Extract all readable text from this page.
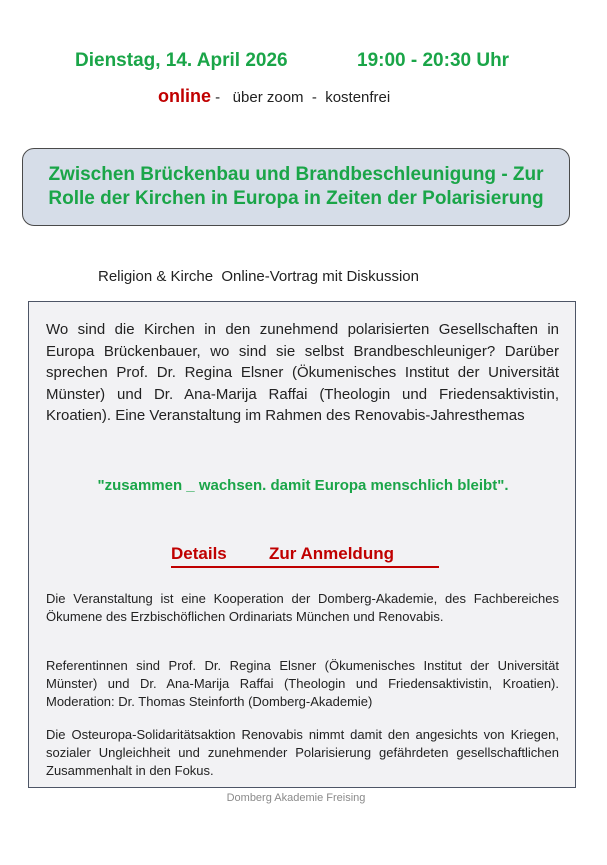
Dienstag, 14. April 2026	19:00 - 20:30 Uhr
online -   über zoom  -  kostenfrei
Zwischen Brückenbau und Brandbeschleunigung - Zur Rolle der Kirchen in Europa in Zeiten der Polarisierung
Religion & Kirche  Online-Vortrag mit Diskussion

Wo sind die Kirchen in den zunehmend polarisierten Gesellschaften in Europa Brückenbauer, wo sind sie selbst Brandbeschleuniger? Darüber sprechen Prof. Dr. Regina Elsner (Ökumenisches Institut der Universität Münster) und Dr. Ana-Marija Raffai (Theologin und Friedensaktivistin, Kroatien). Eine Veranstaltung im Rahmen des Renovabis-Jahresthemas

"zusammen _ wachsen. damit Europa menschlich bleibt".

Details

Zur Anmeldung

Die Veranstaltung ist eine Kooperation der Domberg-Akademie, des Fachbereiches Ökumene des Erzbischöflichen Ordinariats München und Renovabis.

Referentinnen sind Prof. Dr. Regina Elsner (Ökumenisches Institut der Universität Münster) und Dr. Ana-Marija Raffai (Theologin und Friedensaktivistin, Kroatien). Moderation: Dr. Thomas Steinforth (Domberg-Akademie)

Die Osteuropa-Solidaritätsaktion Renovabis nimmt damit den angesichts von Kriegen, sozialer Ungleichheit und zunehmender Polarisierung gefährdeten gesellschaftlichen Zusammenhalt in den Fokus.

Domberg Akademie Freising
